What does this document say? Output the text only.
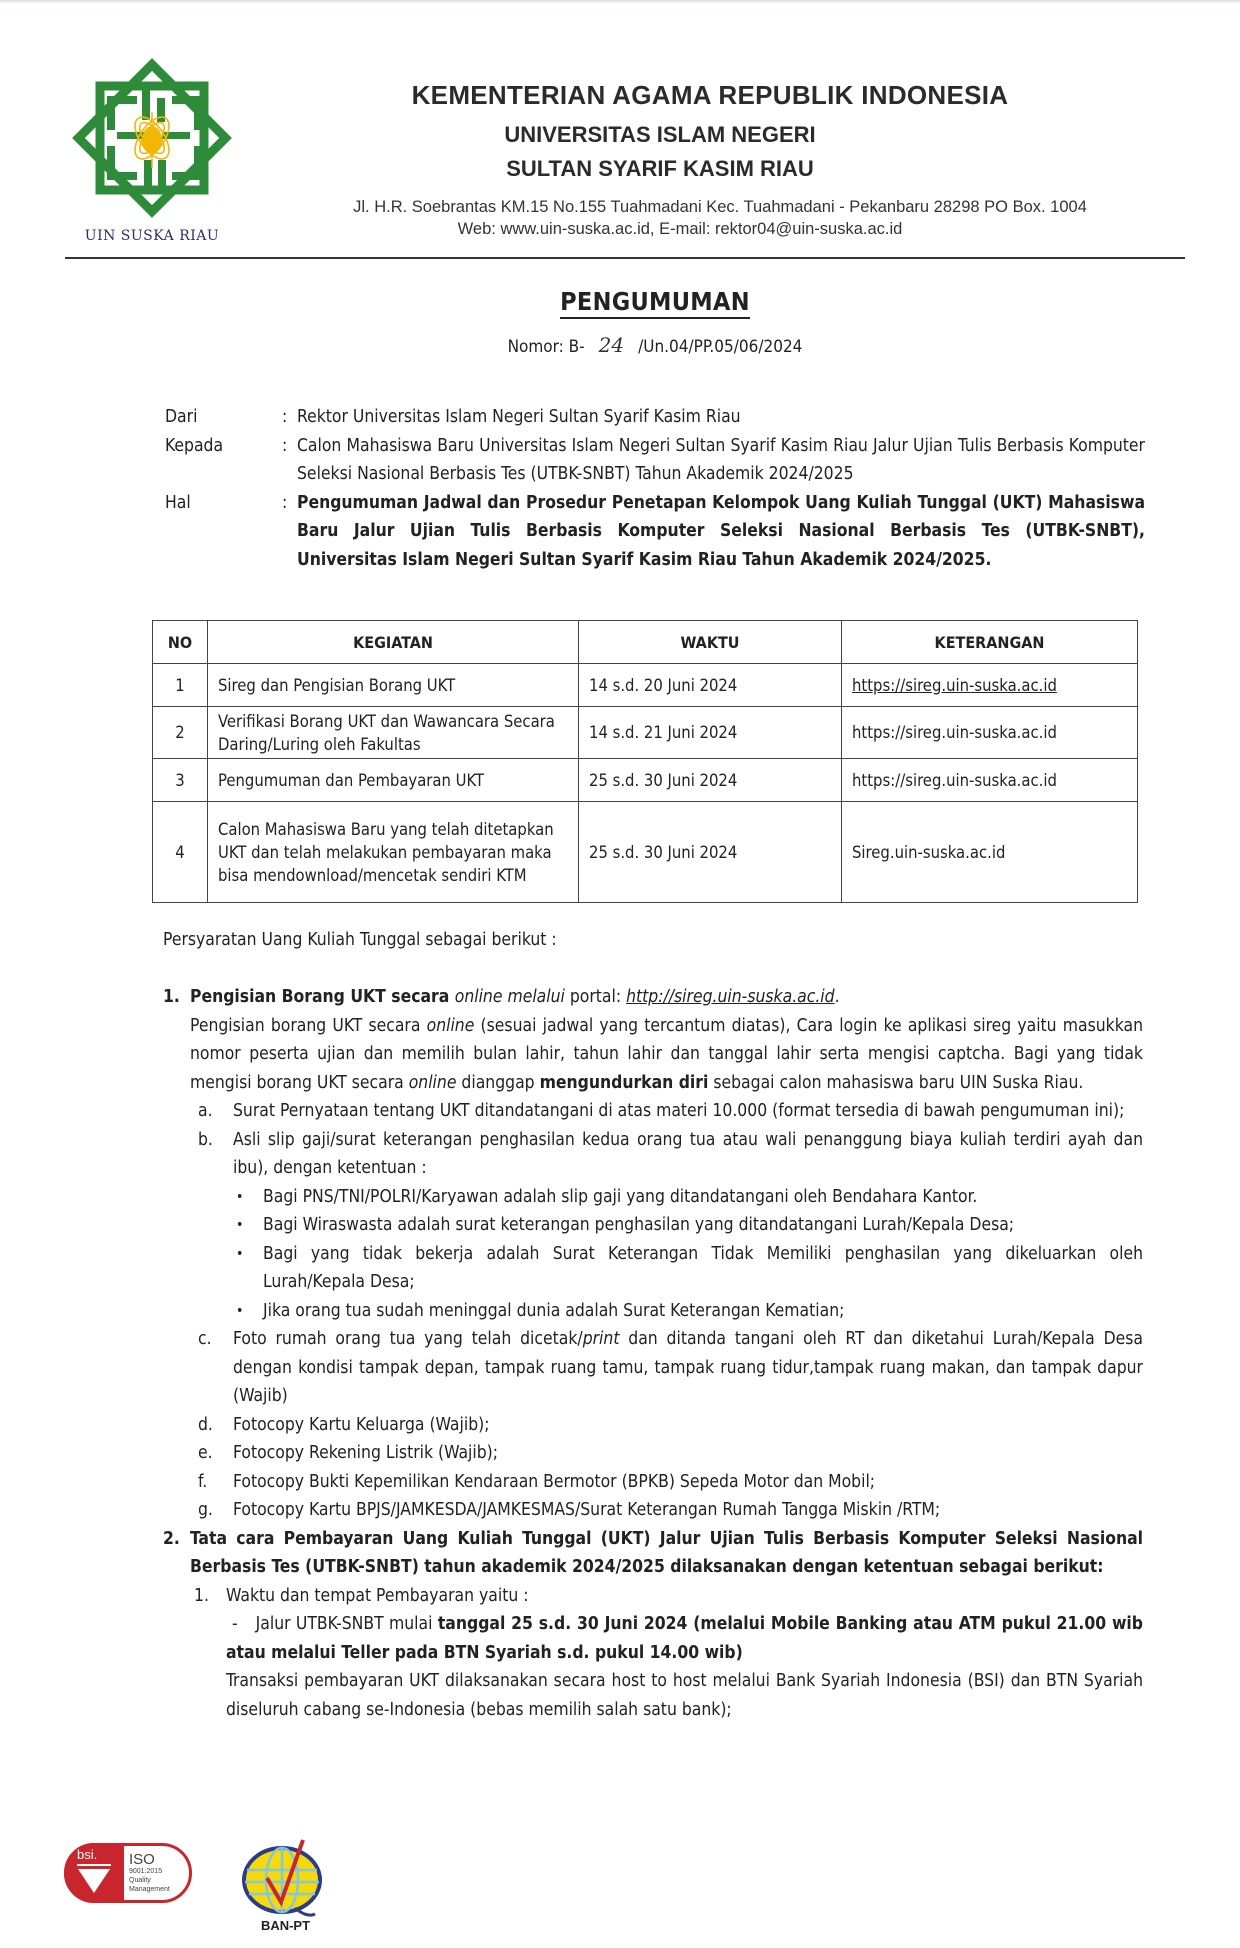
UIN SUSKA RIAU
KEMENTERIAN AGAMA REPUBLIK INDONESIA
UNIVERSITAS ISLAM NEGERI
SULTAN SYARIF KASIM RIAU
Jl. H.R. Soebrantas KM.15 No.155 Tuahmadani Kec. Tuahmadani - Pekanbaru 28298 PO Box. 1004
Web: www.uin-suska.ac.id, E-mail: rektor04@uin-suska.ac.id
PENGUMUMAN
Nomor: B- 24 /Un.04/PP.05/06/2024
Dari	: Rektor Universitas Islam Negeri Sultan Syarif Kasim Riau
Kepada	: Calon Mahasiswa Baru Universitas Islam Negeri Sultan Syarif Kasim Riau Jalur Ujian Tulis Berbasis Komputer Seleksi Nasional Berbasis Tes (UTBK-SNBT) Tahun Akademik 2024/2025
Hal	: Pengumuman Jadwal dan Prosedur Penetapan Kelompok Uang Kuliah Tunggal (UKT) Mahasiswa Baru Jalur Ujian Tulis Berbasis Komputer Seleksi Nasional Berbasis Tes (UTBK-SNBT), Universitas Islam Negeri Sultan Syarif Kasim Riau Tahun Akademik 2024/2025.
NO	KEGIATAN	WAKTU	KETERANGAN
1	Sireg dan Pengisian Borang UKT	14 s.d. 20 Juni 2024	https://sireg.uin-suska.ac.id
2	Verifikasi Borang UKT dan Wawancara Secara Daring/Luring oleh Fakultas	14 s.d. 21 Juni 2024	https://sireg.uin-suska.ac.id
3	Pengumuman dan Pembayaran UKT	25 s.d. 30 Juni 2024	https://sireg.uin-suska.ac.id
4	Calon Mahasiswa Baru yang telah ditetapkan UKT dan telah melakukan pembayaran maka bisa mendownload/mencetak sendiri KTM	25 s.d. 30 Juni 2024	Sireg.uin-suska.ac.id
Persyaratan Uang Kuliah Tunggal sebagai berikut :
1. Pengisian Borang UKT secara online melalui portal: http://sireg.uin-suska.ac.id.
Pengisian borang UKT secara online (sesuai jadwal yang tercantum diatas), Cara login ke aplikasi sireg yaitu masukkan nomor peserta ujian dan memilih bulan lahir, tahun lahir dan tanggal lahir serta mengisi captcha. Bagi yang tidak mengisi borang UKT secara online dianggap mengundurkan diri sebagai calon mahasiswa baru UIN Suska Riau.
a. Surat Pernyataan tentang UKT ditandatangani di atas materi 10.000 (format tersedia di bawah pengumuman ini);
b. Asli slip gaji/surat keterangan penghasilan kedua orang tua atau wali penanggung biaya kuliah terdiri ayah dan ibu), dengan ketentuan :
• Bagi PNS/TNI/POLRI/Karyawan adalah slip gaji yang ditandatangani oleh Bendahara Kantor.
• Bagi Wiraswasta adalah surat keterangan penghasilan yang ditandatangani Lurah/Kepala Desa;
• Bagi yang tidak bekerja adalah Surat Keterangan Tidak Memiliki penghasilan yang dikeluarkan oleh Lurah/Kepala Desa;
• Jika orang tua sudah meninggal dunia adalah Surat Keterangan Kematian;
c. Foto rumah orang tua yang telah dicetak/print dan ditanda tangani oleh RT dan diketahui Lurah/Kepala Desa dengan kondisi tampak depan, tampak ruang tamu, tampak ruang tidur,tampak ruang makan, dan tampak dapur (Wajib)
d. Fotocopy Kartu Keluarga (Wajib);
e. Fotocopy Rekening Listrik (Wajib);
f. Fotocopy Bukti Kepemilikan Kendaraan Bermotor (BPKB) Sepeda Motor dan Mobil;
g. Fotocopy Kartu BPJS/JAMKESDA/JAMKESMAS/Surat Keterangan Rumah Tangga Miskin /RTM;
2. Tata cara Pembayaran Uang Kuliah Tunggal (UKT) Jalur Ujian Tulis Berbasis Komputer Seleksi Nasional Berbasis Tes (UTBK-SNBT) tahun akademik 2024/2025 dilaksanakan dengan ketentuan sebagai berikut:
1. Waktu dan tempat Pembayaran yaitu :
- Jalur UTBK-SNBT mulai tanggal 25 s.d. 30 Juni 2024 (melalui Mobile Banking atau ATM pukul 21.00 wib atau melalui Teller pada BTN Syariah s.d. pukul 14.00 wib)
Transaksi pembayaran UKT dilaksanakan secara host to host melalui Bank Syariah Indonesia (BSI) dan BTN Syariah diseluruh cabang se-Indonesia (bebas memilih salah satu bank);
bsi. ISO
9001:2015
Quality
Management
BAN-PT
